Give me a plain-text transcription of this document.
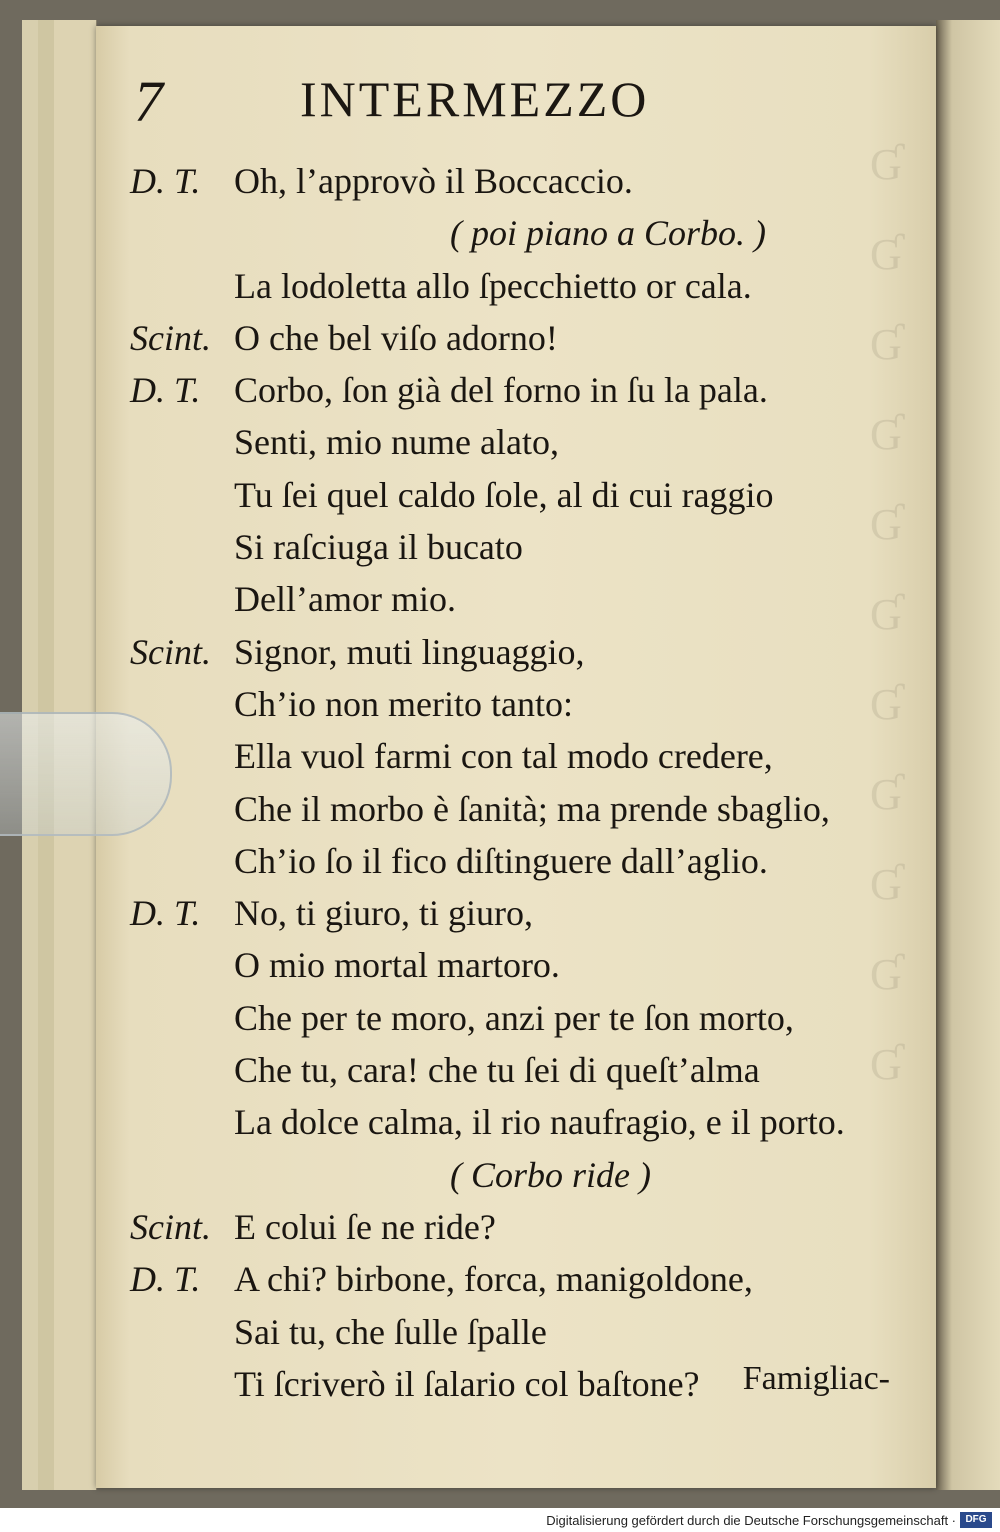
Ɠ
Ɠ
Ɠ
Ɠ
Ɠ
Ɠ
Ɠ
Ɠ
Ɠ
Ɠ
Ɠ
7	INTERMEZZO
D. T. Oh, l’approvò il Boccaccio.
( poi piano a Corbo. )
La lodoletta allo ſpecchietto or cala.
Scint. O che bel viſo adorno!
D. T. Corbo, ſon già del forno in ſu la pala.
Senti, mio nume alato,
Tu ſei quel caldo ſole, al di cui raggio
Si raſciuga il bucato
Dell’amor mio.
Scint. Signor, muti linguaggio,
Ch’io non merito tanto:
Ella vuol farmi con tal modo credere,
Che il morbo è ſanità; ma prende sbaglio,
Ch’io ſo il fico diſtinguere dall’aglio.
D. T. No, ti giuro, ti giuro,
O mio mortal martoro.
Che per te moro, anzi per te ſon morto,
Che tu, cara! che tu ſei di queſt’alma
La dolce calma, il rio naufragio, e il porto.
( Corbo ride )
Scint. E colui ſe ne ride?
D. T. A chi? birbone, forca, manigoldone,
Sai tu, che ſulle ſpalle
Ti ſcriverò il ſalario col baſtone? Famigliac-
Digitalisierung gefördert durch die Deutsche Forschungsgemeinschaft · DFG
